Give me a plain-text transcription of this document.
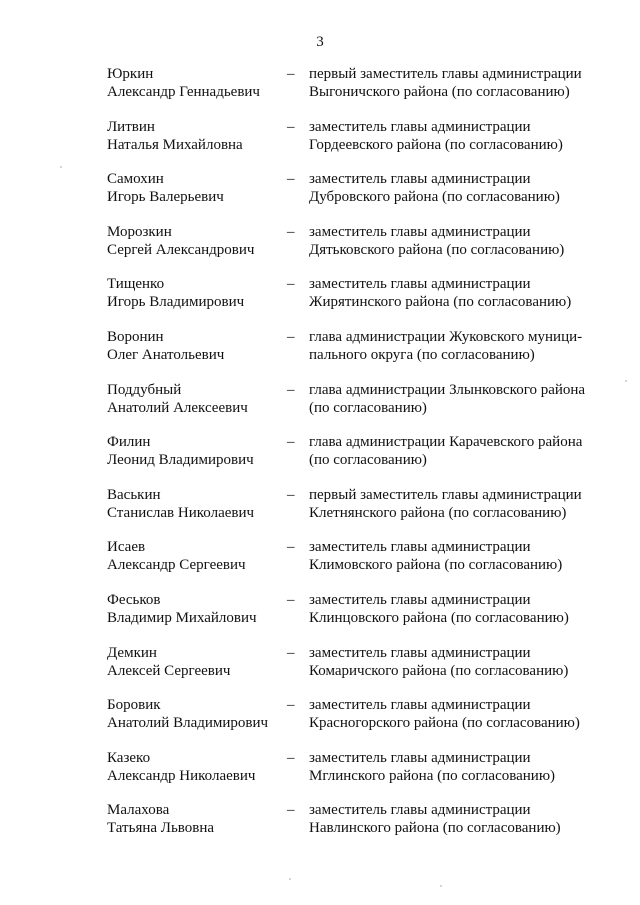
3
Юркин
Александр Геннадьевич
– первый заместитель главы администрации
Выгоничского района (по согласованию)
Литвин
Наталья Михайловна
– заместитель главы администрации
Гордеевского района (по согласованию)
Самохин
Игорь Валерьевич
– заместитель главы администрации
Дубровского района (по согласованию)
Морозкин
Сергей Александрович
– заместитель главы администрации
Дятьковского района (по согласованию)
Тищенко
Игорь Владимирович
– заместитель главы администрации
Жирятинского района (по согласованию)
Воронин
Олег Анатольевич
– глава администрации Жуковского муници-
пального округа (по согласованию)
Поддубный
Анатолий Алексеевич
– глава администрации Злынковского района
(по согласованию)
Филин
Леонид Владимирович
– глава администрации Карачевского района
(по согласованию)
Васькин
Станислав Николаевич
– первый заместитель главы администрации
Клетнянского района (по согласованию)
Исаев
Александр Сергеевич
– заместитель главы администрации
Климовского района (по согласованию)
Феськов
Владимир Михайлович
– заместитель главы администрации
Клинцовского района (по согласованию)
Демкин
Алексей Сергеевич
– заместитель главы администрации
Комаричского района (по согласованию)
Боровик
Анатолий Владимирович
– заместитель главы администрации
Красногорского района (по согласованию)
Казеко
Александр Николаевич
– заместитель главы администрации
Мглинского района (по согласованию)
Малахова
Татьяна Львовна
– заместитель главы администрации
Навлинского района (по согласованию)
